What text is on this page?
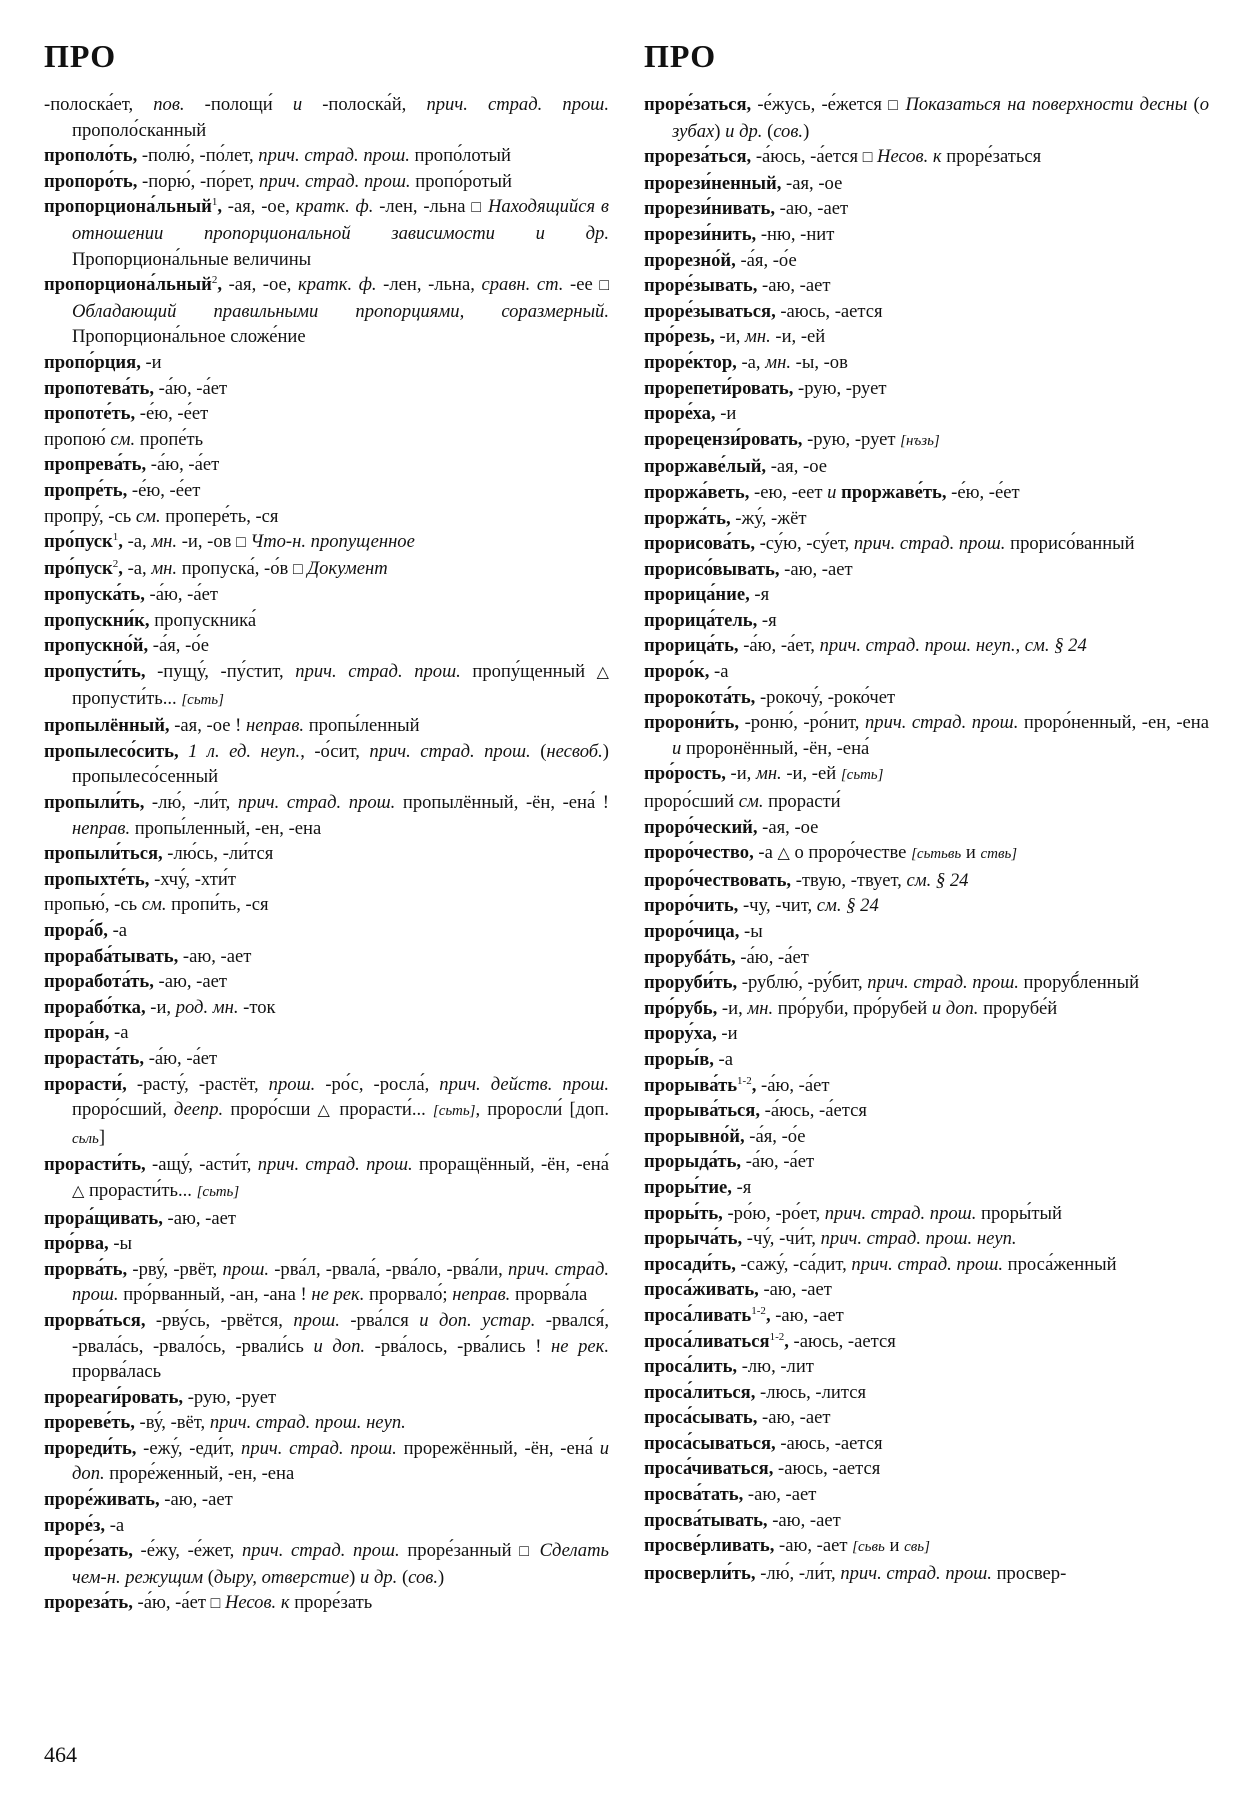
ПРО	ПРО

-полоска́ет, пов. -полощи́ и -полоска́й, прич. страд. прош. прополо́сканный

прополо́ть, -полю́, -по́лет, прич. страд. прош. пропо́лотый

пропоро́ть, -порю́, -по́рет, прич. страд. прош. пропо́ротый

пропорциона́льный$^1$, -ая, -ое, кратк. ф. -лен, -льна □ Находящийся в отношении пропорциональной зависимости и др. Пропорциона́льные величины

пропорциона́льный$^2$, -ая, -ое, кратк. ф. -лен, -льна, сравн. ст. -ее □ Обладающий правильными пропорциями, соразмерный. Пропорциона́льное сложе́ние

пропо́рция, -и

пропотева́ть, -а́ю, -а́ет

пропоте́ть, -е́ю, -е́ет

пропою́ см. пропе́ть

пропрева́ть, -а́ю, -а́ет

пропре́ть, -е́ю, -е́ет

пропру́, -сь см. пропере́ть, -ся

про́пуск$^1$, -а, мн. -и, -ов □ Что-н. пропущенное

про́пуск$^2$, -а, мн. пропуска́, -о́в □ Документ

пропуска́ть, -а́ю, -а́ет

пропускни́к, пропускника́

пропускно́й, -а́я, -о́е

пропусти́ть, -пущу́, -пу́стит, прич. страд. прош. пропу́щенный △ пропусти́ть... [сьть]

пропылённый, -ая, -ое ! неправ. пропы́ленный

пропылесо́сить, 1 л. ед. неуп., -о́сит, прич. страд. прош. (несвоб.) пропылесо́сенный

пропыли́ть, -лю́, -ли́т, прич. страд. прош. пропылённый, -ён, -ена́ ! неправ. пропы́ленный, -ен, -ена

пропыли́ться, -лю́сь, -ли́тся

пропыхте́ть, -хчу́, -хти́т

пропью́, -сь см. пропи́ть, -ся

прора́б, -а

прораба́тывать, -аю, -ает

проработа́ть, -аю, -ает

прорабо́тка, -и, род. мн. -ток

прора́н, -а

прораста́ть, -а́ю, -а́ет

прорасти́, -расту́, -растёт, прош. -ро́с, -росла́, прич. действ. прош. проро́сший, деепр. проро́сши △ прорасти́... [сьть], проросли́ [доп. сьль]

прорасти́ть, -ащу́, -асти́т, прич. страд. прош. проращённый, -ён, -ена́ △ прорасти́ть... [сьть]

прора́щивать, -аю, -ает

про́рва, -ы

прорва́ть, -рву́, -рвёт, прош. -рва́л, -рвала́, -рва́ло, -рва́ли, прич. страд. прош. про́рванный, -ан, -ана ! не рек. прорвало́; неправ. прорва́ла

прорва́ться, -рву́сь, -рвётся, прош. -рва́лся и доп. устар. -рвался́, -рвала́сь, -рвало́сь, -рвали́сь и доп. -рва́лось, -рва́лись ! не рек. прорва́лась

прореаги́ровать, -рую, -рует

прореве́ть, -ву́, -вёт, прич. страд. прош. неуп.

прореди́ть, -ежу́, -еди́т, прич. страд. прош. прорежённый, -ён, -ена́ и доп. проре́женный, -ен, -ена

проре́живать, -аю, -ает

проре́з, -а

проре́зать, -е́жу, -е́жет, прич. страд. прош. проре́занный □ Сделать чем-н. режущим (дыру, отверстие) и др. (сов.)

прореза́ть, -а́ю, -а́ет □ Несов. к проре́зать

проре́заться, -е́жусь, -е́жется □ Показаться на поверхности десны (о зубах) и др. (сов.)

прореза́ться, -а́юсь, -а́ется □ Несов. к проре́заться

прорези́ненный, -ая, -ое

прорези́нивать, -аю, -ает

прорези́нить, -ню, -нит

прорезно́й, -а́я, -о́е

проре́зывать, -аю, -ает

проре́зываться, -аюсь, -ается

про́резь, -и, мн. -и, -ей

проре́ктор, -а, мн. -ы, -ов

прорепети́ровать, -рую, -рует

проре́ха, -и

прорецензи́ровать, -рую, -рует [нъзь]

проржаве́лый, -ая, -ое

проржа́веть, -ею, -еет и проржаве́ть, -е́ю, -е́ет

проржа́ть, -жу́, -жёт

прорисова́ть, -су́ю, -су́ет, прич. страд. прош. прорисо́ванный

прорисо́вывать, -аю, -ает

прорица́ние, -я

прорица́тель, -я

прорица́ть, -а́ю, -а́ет, прич. страд. прош. неуп., см. § 24

проро́к, -а

пророкота́ть, -рокочу́, -роко́чет

пророни́ть, -роню́, -ро́нит, прич. страд. прош. проро́ненный, -ен, -ена и проронённый, -ён, -ена́

про́рость, -и, мн. -и, -ей [сьть]

проро́сший см. прорасти́

проро́ческий, -ая, -ое

проро́чество, -а △ о проро́честве [сьтьвь и ствь]

проро́чествовать, -твую, -твует, см. § 24

проро́чить, -чу, -чит, см. § 24

проро́чица, -ы

прорубáть, -а́ю, -а́ет

проруби́ть, -рублю́, -ру́бит, прич. страд. прош. проруб́ленный

про́рубь, -и, мн. про́руби, про́рубей и доп. прорубе́й

прору́ха, -и

проры́в, -а

$прорыва́ть^{1-2}$, -а́ю, -а́ет

прорыва́ться, -а́юсь, -а́ется

прорывно́й, -а́я, -о́е

прорыда́ть, -а́ю, -а́ет

проры́тие, -я

проры́ть, -ро́ю, -ро́ет, прич. страд. прош. проры́тый

прорыча́ть, -чу́, -чи́т, прич. страд. прош. неуп.

просади́ть, -сажу́, -са́дит, прич. страд. прош. проса́женный

проса́живать, -аю, -ает

проса́ливать$^{1-2}$, -аю, -ает

проса́ливаться$^{1-2}$, -аюсь, -ается

проса́лить, -лю, -лит

проса́литься, -люсь, -лится

проса́сывать, -аю, -ает

проса́сываться, -аюсь, -ается

проса́чиваться, -аюсь, -ается

просва́тать, -аю, -ает

просва́тывать, -аю, -ает

просве́рливать, -аю, -ает [сьвь и свь]

просверли́ть, -лю́, -ли́т, прич. страд. прош. просвер-

464
